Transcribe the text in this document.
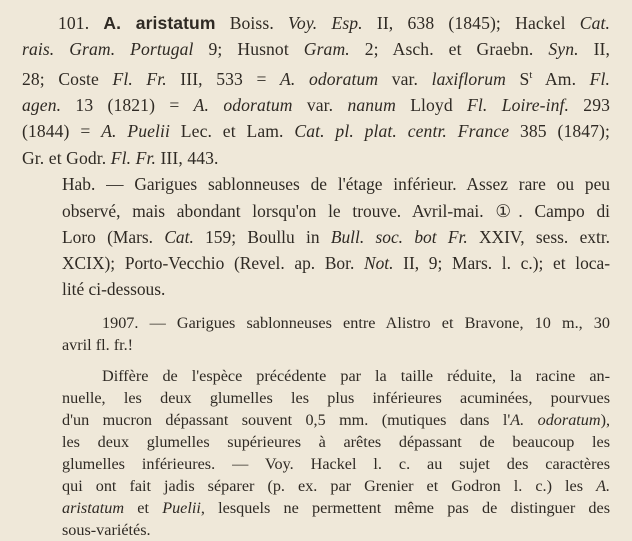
101. A. aristatum Boiss. Voy. Esp. II, 638 (1845); Hackel Cat.
rais. Gram. Portugal 9; Husnot Gram. 2; Asch. et Graebn. Syn. II,
28; Coste Fl. Fr. III, 533 = A. odoratum var. laxiflorum $S^t$ Am. Fl.
agen. 13 (1821) = A. odoratum var. nanum Lloyd Fl. Loire-inf. 293
(1844) = A. Puelii Lec. et Lam. Cat. pl. plat. centr. France 385 (1847);
Gr. et Godr. Fl. Fr. III, 443.

Hab. — Garigues sablonneuses de l'étage inférieur. Assez rare ou peu
observé, mais abondant lorsqu'on le trouve. Avril-mai. ①. Campo di
Loro (Mars. Cat. 159; Boullu in Bull. soc. bot Fr. XXIV, sess. extr.
XCIX); Porto-Vecchio (Revel. ap. Bor. Not. II, 9; Mars. l. c.); et loca-
lité ci-dessous.

1907. — Garigues sablonneuses entre Alistro et Bravone, 10 m., 30
avril fl. fr.!

Diffère de l'espèce précédente par la taille réduite, la racine an-
nuelle, les deux glumelles les plus inférieures acuminées, pourvues
d'un mucron dépassant souvent 0,5 mm. (mutiques dans l'A. odoratum),
les deux glumelles supérieures à arêtes dépassant de beaucoup les
glumelles inférieures. — Voy. Hackel l. c. au sujet des caractères
qui ont fait jadis séparer (p. ex. par Grenier et Godron l. c.) les A.
aristatum et Puelii, lesquels ne permettent même pas de distinguer des
sous-variétés.
